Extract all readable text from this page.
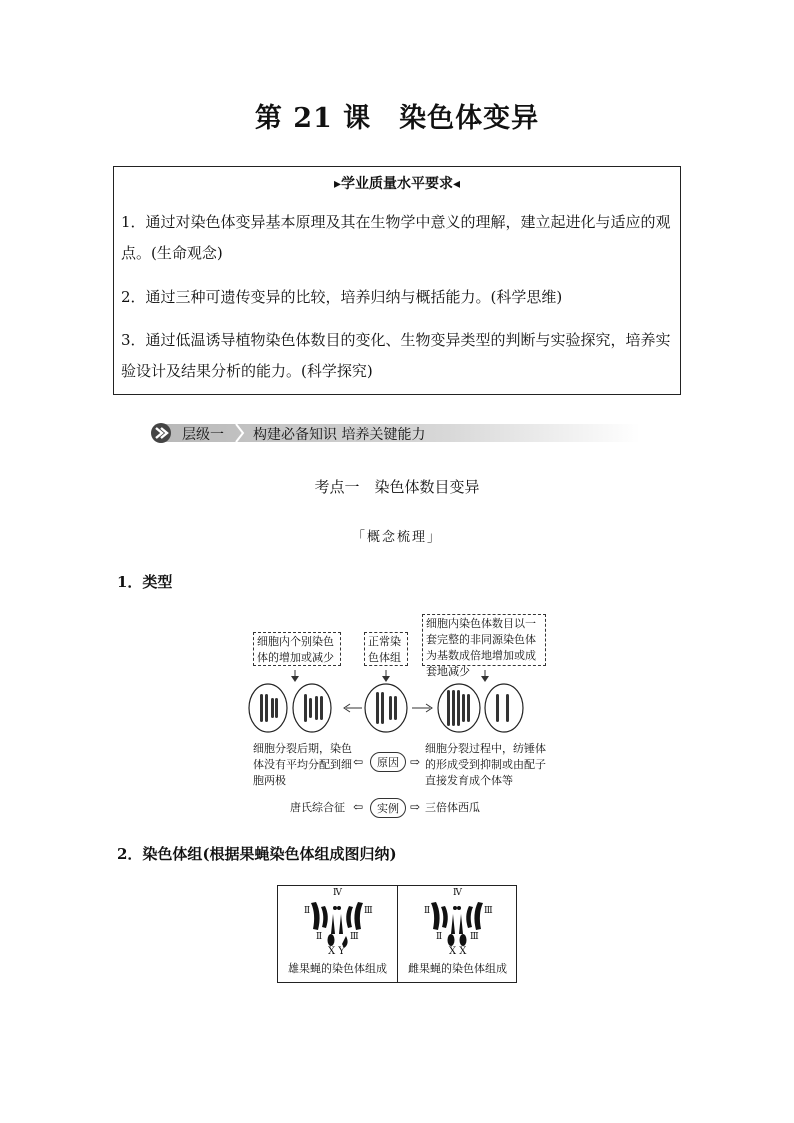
第 21 课　染色体变异
▸学业质量水平要求◂
1．通过对染色体变异基本原理及其在生物学中意义的理解，建立起进化与适应的观点。(生命观念)
2．通过三种可遗传变异的比较，培养归纳与概括能力。(科学思维)
3．通过低温诱导植物染色体数目的变化、生物变异类型的判断与实验探究，培养实验设计及结果分析的能力。(科学探究)
层级一 构建必备知识 培养关键能力
考点一　染色体数目变异
「概念梳理」
1．类型
细胞内个别染色体的增加或减少
正常染色体组
细胞内染色体数目以一套完整的非同源染色体为基数成倍地增加或成套地减少
细胞分裂后期，染色体没有平均分配到细胞两极
⇦	原因 ⇨
细胞分裂过程中，纺锤体的形成受到抑制或由配子直接发育成个体等
唐氏综合征 ⇦	实例 ⇨ 三倍体西瓜
2．染色体组(根据果蝇染色体组成图归纳)
Ⅳ
Ⅱ	Ⅲ
Ⅱ	Ⅲ
X Y
雄果蝇的染色体组成
Ⅳ
Ⅱ	Ⅲ
Ⅱ	Ⅲ
X X
雌果蝇的染色体组成
